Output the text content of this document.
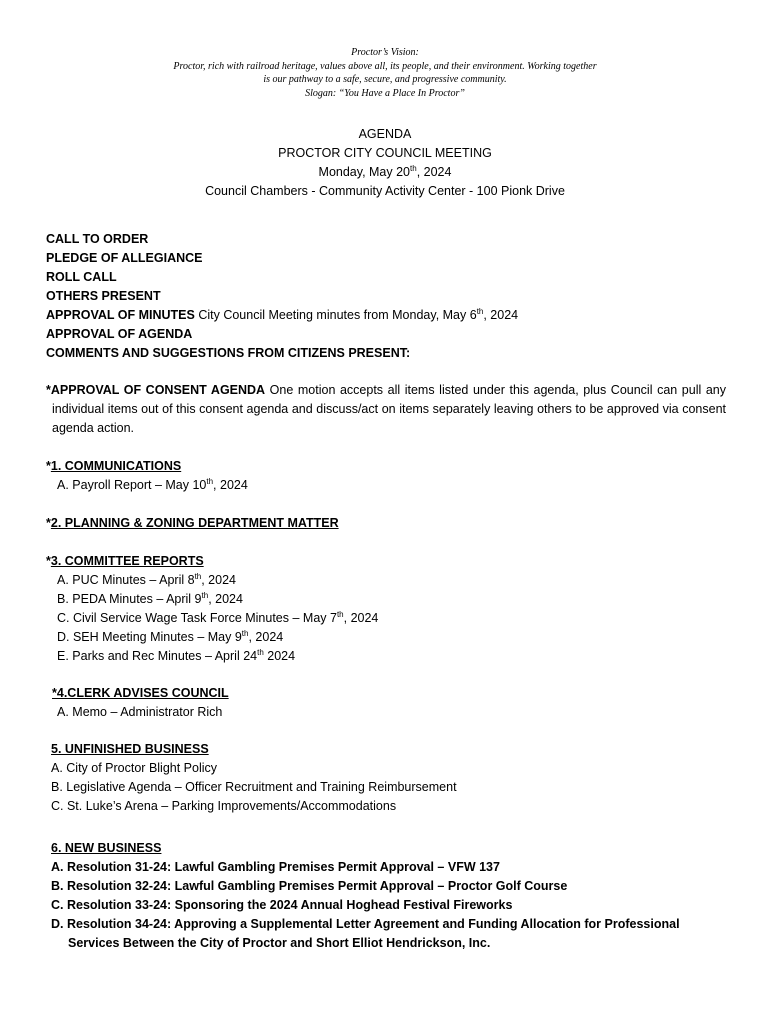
Proctor’s Vision:
Proctor, rich with railroad heritage, values above all, its people, and their environment. Working together
is our pathway to a safe, secure, and progressive community.
Slogan: “You Have a Place In Proctor”
AGENDA
PROCTOR CITY COUNCIL MEETING
Monday, May 20th, 2024
Council Chambers - Community Activity Center - 100 Pionk Drive
CALL TO ORDER
PLEDGE OF ALLEGIANCE
ROLL CALL
OTHERS PRESENT
APPROVAL OF MINUTES City Council Meeting minutes from Monday, May 6th, 2024
APPROVAL OF AGENDA
COMMENTS AND SUGGESTIONS FROM CITIZENS PRESENT:
*APPROVAL OF CONSENT AGENDA One motion accepts all items listed under this agenda, plus Council can pull any individual items out of this consent agenda and discuss/act on items separately leaving others to be approved via consent agenda action.
*1. COMMUNICATIONS
A. Payroll Report – May 10th, 2024
*2. PLANNING & ZONING DEPARTMENT MATTER
*3. COMMITTEE REPORTS
A. PUC Minutes – April 8th, 2024
B. PEDA Minutes – April 9th, 2024
C. Civil Service Wage Task Force Minutes – May 7th, 2024
D. SEH Meeting Minutes – May 9th, 2024
E. Parks and Rec Minutes – April 24th 2024
*4.CLERK ADVISES COUNCIL
A. Memo – Administrator Rich
5. UNFINISHED BUSINESS
A. City of Proctor Blight Policy
B. Legislative Agenda – Officer Recruitment and Training Reimbursement
C. St. Luke’s Arena – Parking Improvements/Accommodations
6. NEW BUSINESS
A. Resolution 31-24: Lawful Gambling Premises Permit Approval – VFW 137
B. Resolution 32-24: Lawful Gambling Premises Permit Approval – Proctor Golf Course
C. Resolution 33-24: Sponsoring the 2024 Annual Hoghead Festival Fireworks
D. Resolution 34-24: Approving a Supplemental Letter Agreement and Funding Allocation for Professional Services Between the City of Proctor and Short Elliot Hendrickson, Inc.
